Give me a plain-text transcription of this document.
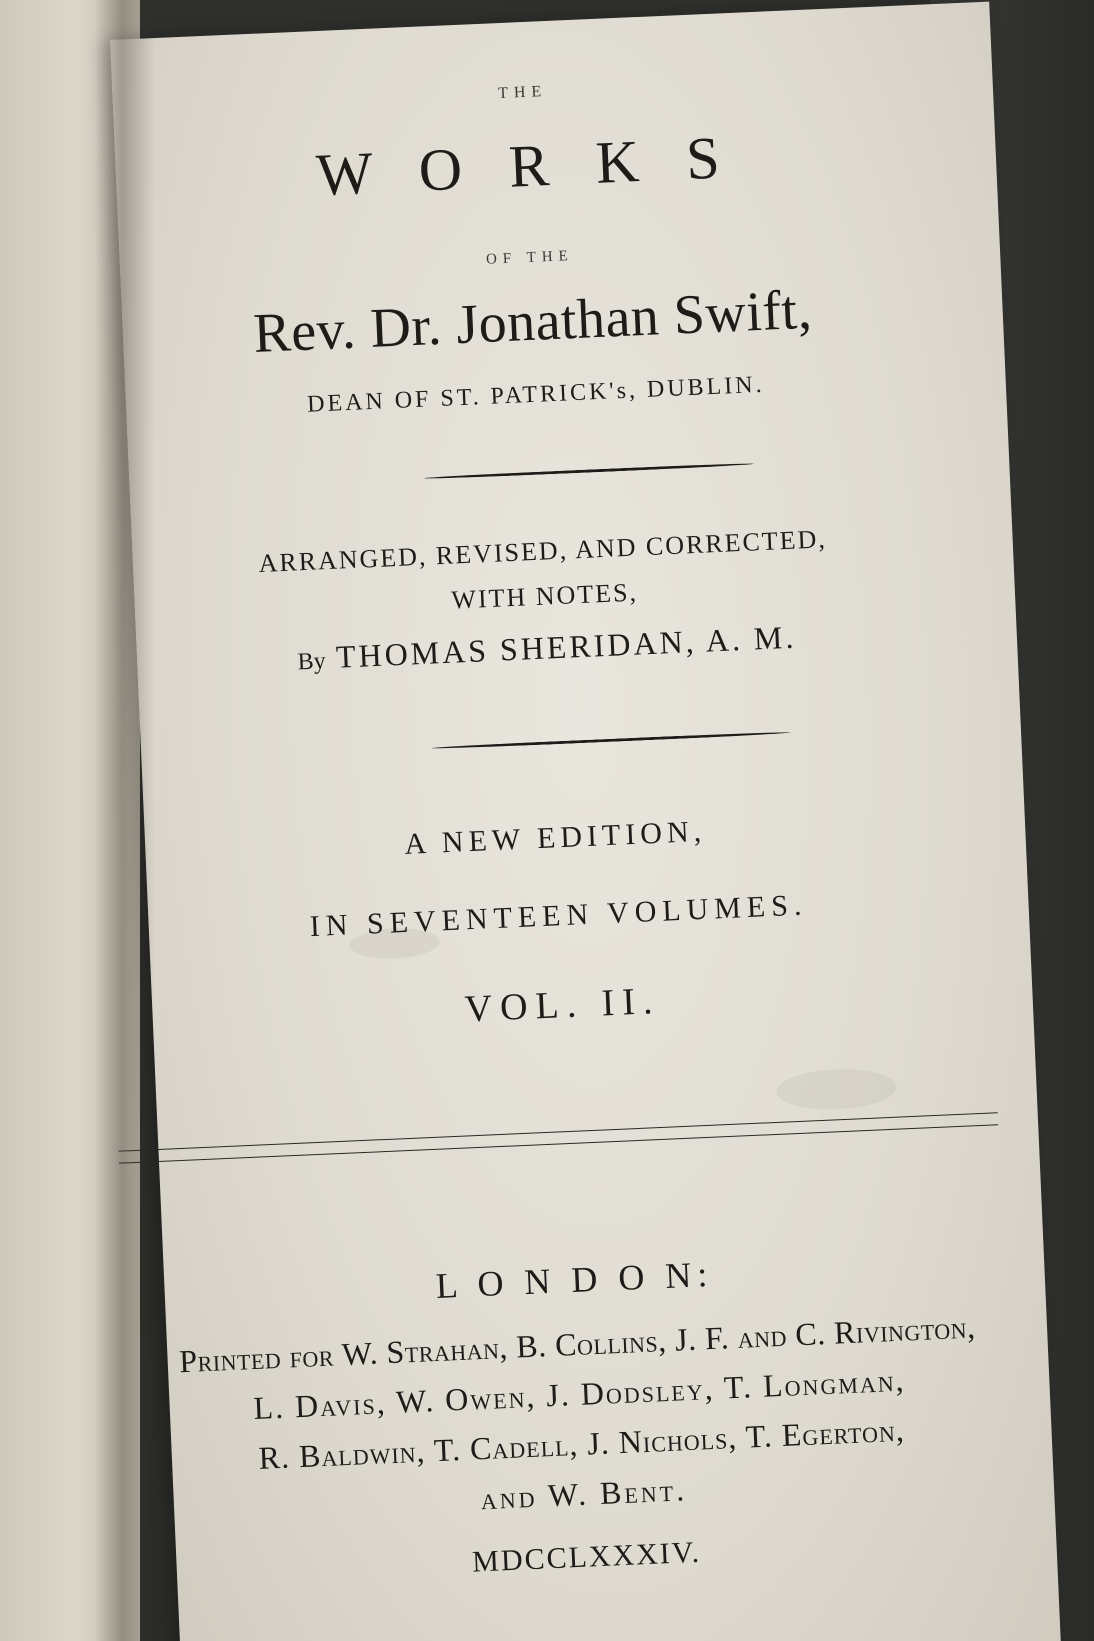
THE
W O R K S
OF THE
Rev. Dr. Jonathan Swift,
DEAN OF ST. PATRICK's, DUBLIN.
ARRANGED, REVISED, AND CORRECTED,
WITH NOTES,
By THOMAS SHERIDAN, A. M.
A NEW EDITION,
IN SEVENTEEN VOLUMES.
VOL. II.
L O N D O N:
Printed for W. Strahan, B. Collins, J. F. and C. Rivington,
L. Davis, W. Owen, J. Dodsley, T. Longman,
R. Baldwin, T. Cadell, J. Nichols, T. Egerton,
and W. Bent.
MDCCLXXXIV.
